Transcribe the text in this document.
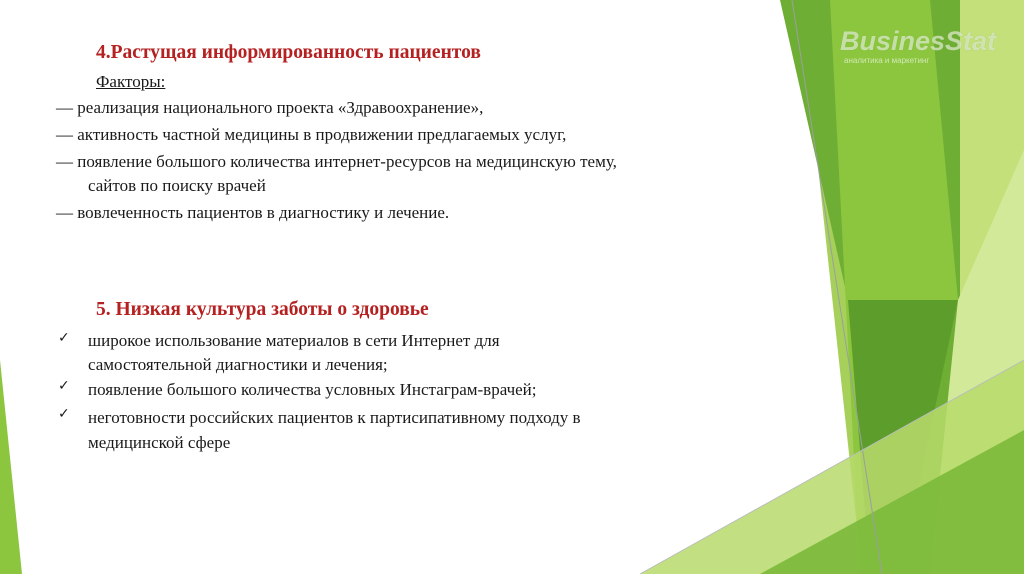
BusinesStat
аналитика и маркетинг
4.Растущая информированность пациентов
Факторы:
— реализация национального проекта «Здравоохранение»,
— активность частной медицины в продвижении предлагаемых услуг,
— появление большого количества интернет-ресурсов на медицинскую тему,
сайтов по поиску врачей
— вовлеченность пациентов в диагностику и лечение.
5. Низкая культура заботы о здоровье
✓ широкое использование материалов в сети Интернет для
самостоятельной диагностики и лечения;
✓ появление большого количества условных Инстаграм-врачей;
✓ неготовности российских пациентов к партисипативному подходу в
медицинской сфере
